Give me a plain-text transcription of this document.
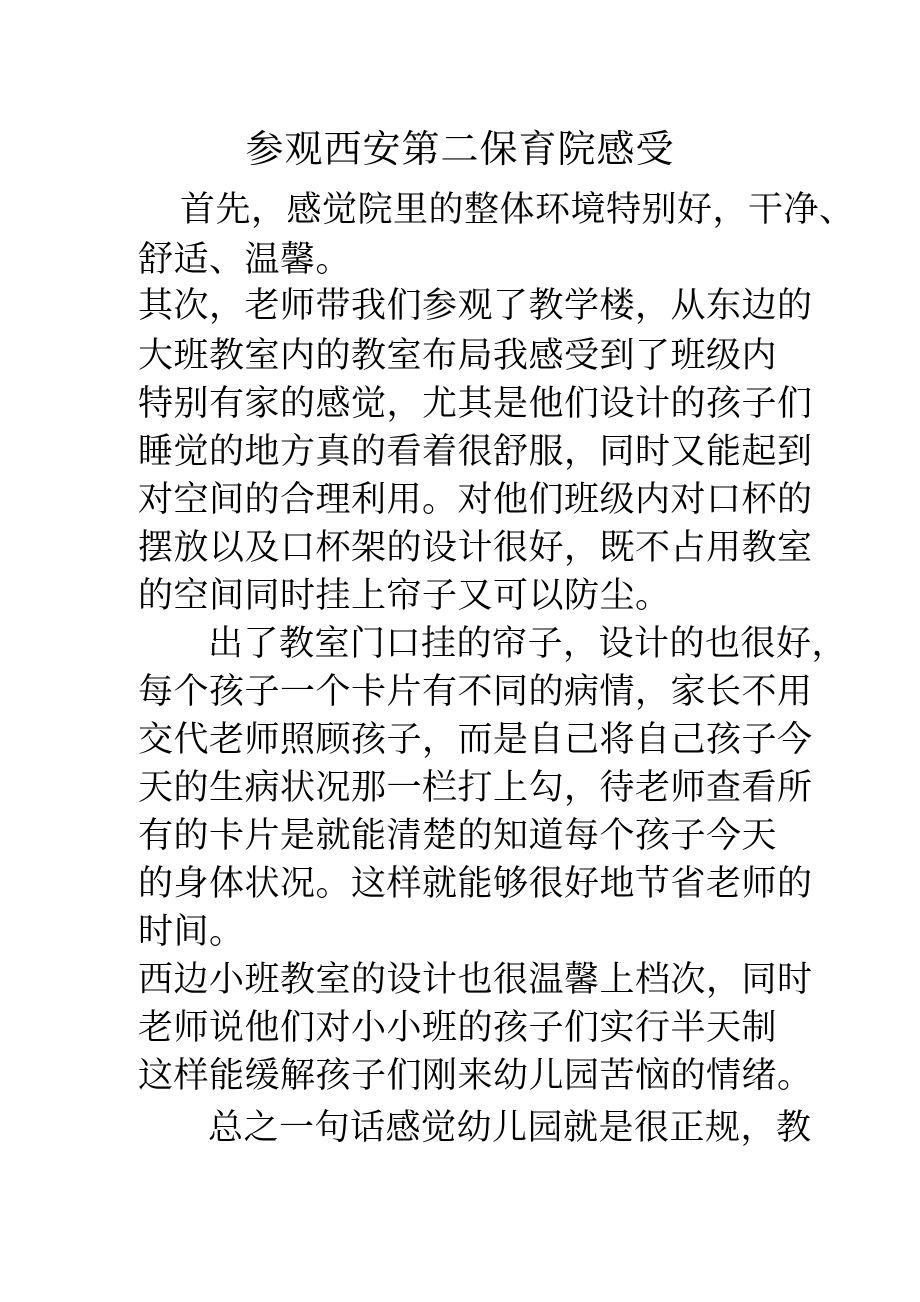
参观西安第二保育院感受
首先，感觉院里的整体环境特别好，干净、
舒适、温馨。
其次，老师带我们参观了教学楼，从东边的
大班教室内的教室布局我感受到了班级内
特别有家的感觉，尤其是他们设计的孩子们
睡觉的地方真的看着很舒服，同时又能起到
对空间的合理利用。对他们班级内对口杯的
摆放以及口杯架的设计很好，既不占用教室
的空间同时挂上帘子又可以防尘。
出了教室门口挂的帘子，设计的也很好，
每个孩子一个卡片有不同的病情，家长不用
交代老师照顾孩子，而是自己将自己孩子今
天的生病状况那一栏打上勾，待老师查看所
有的卡片是就能清楚的知道每个孩子今天
的身体状况。这样就能够很好地节省老师的
时间。
西边小班教室的设计也很温馨上档次，同时
老师说他们对小小班的孩子们实行半天制
这样能缓解孩子们刚来幼儿园苦恼的情绪。
总之一句话感觉幼儿园就是很正规，教
